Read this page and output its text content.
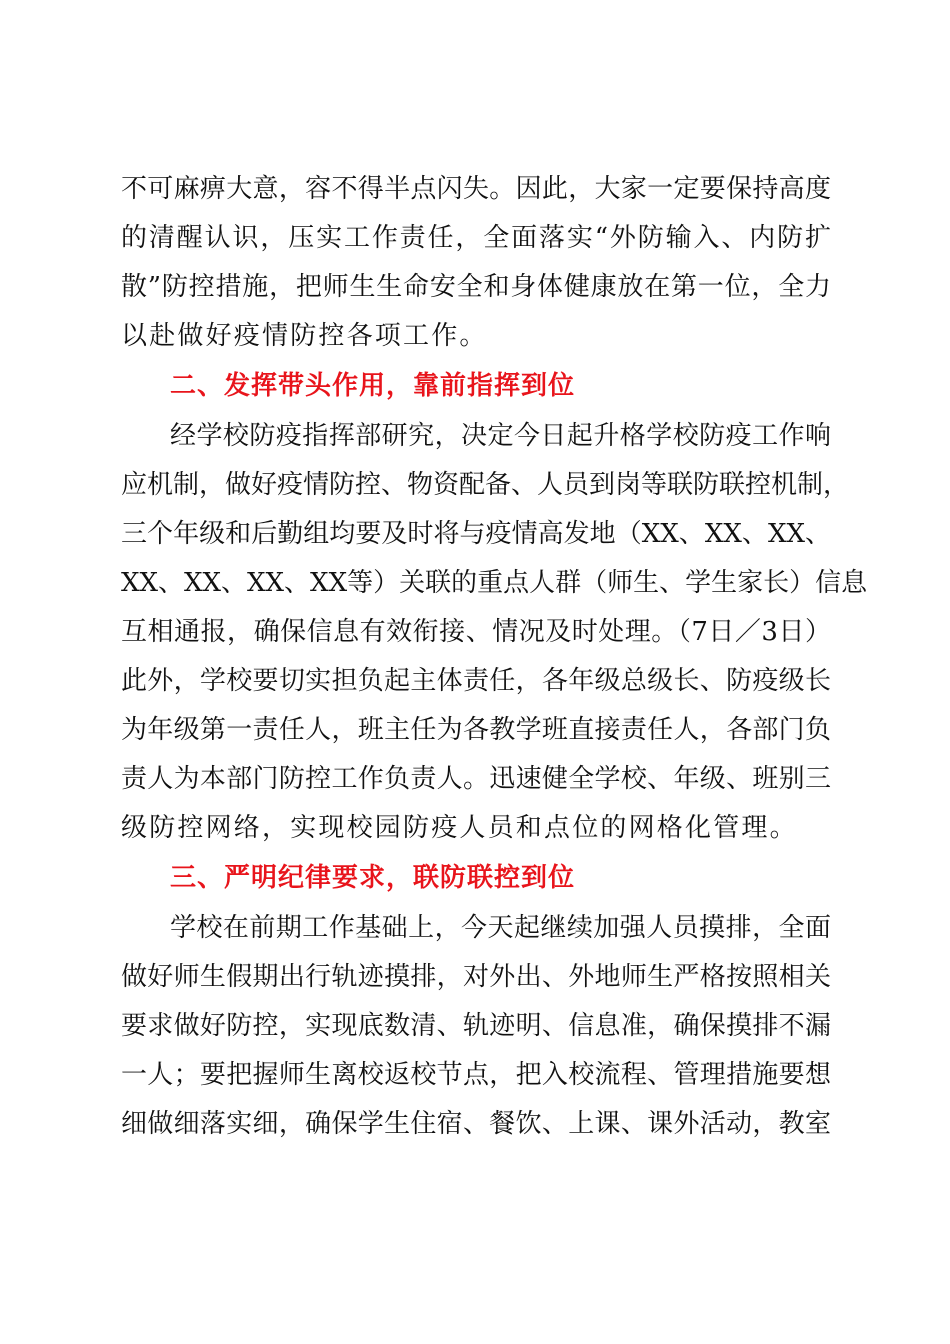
不可麻痹大意，容不得半点闪失。因此，大家一定要保持高度
的清醒认识，压实工作责任，全面落实“外防输入、内防扩
散”防控措施，把师生生命安全和身体健康放在第一位，全力
以赴做好疫情防控各项工作。
二、发挥带头作用，靠前指挥到位
经学校防疫指挥部研究，决定今日起升格学校防疫工作响
应机制，做好疫情防控、物资配备、人员到岗等联防联控机制，
三个年级和后勤组均要及时将与疫情高发地（XX、XX、XX、
XX、XX、XX、XX等）关联的重点人群（师生、学生家长）信息
互相通报，确保信息有效衔接、情况及时处理。（7日／3日）
此外，学校要切实担负起主体责任，各年级总级长、防疫级长
为年级第一责任人，班主任为各教学班直接责任人，各部门负
责人为本部门防控工作负责人。迅速健全学校、年级、班别三
级防控网络，实现校园防疫人员和点位的网格化管理。
三、严明纪律要求，联防联控到位
学校在前期工作基础上，今天起继续加强人员摸排，全面
做好师生假期出行轨迹摸排，对外出、外地师生严格按照相关
要求做好防控，实现底数清、轨迹明、信息准，确保摸排不漏
一人；要把握师生离校返校节点，把入校流程、管理措施要想
细做细落实细，确保学生住宿、餐饮、上课、课外活动，教室
